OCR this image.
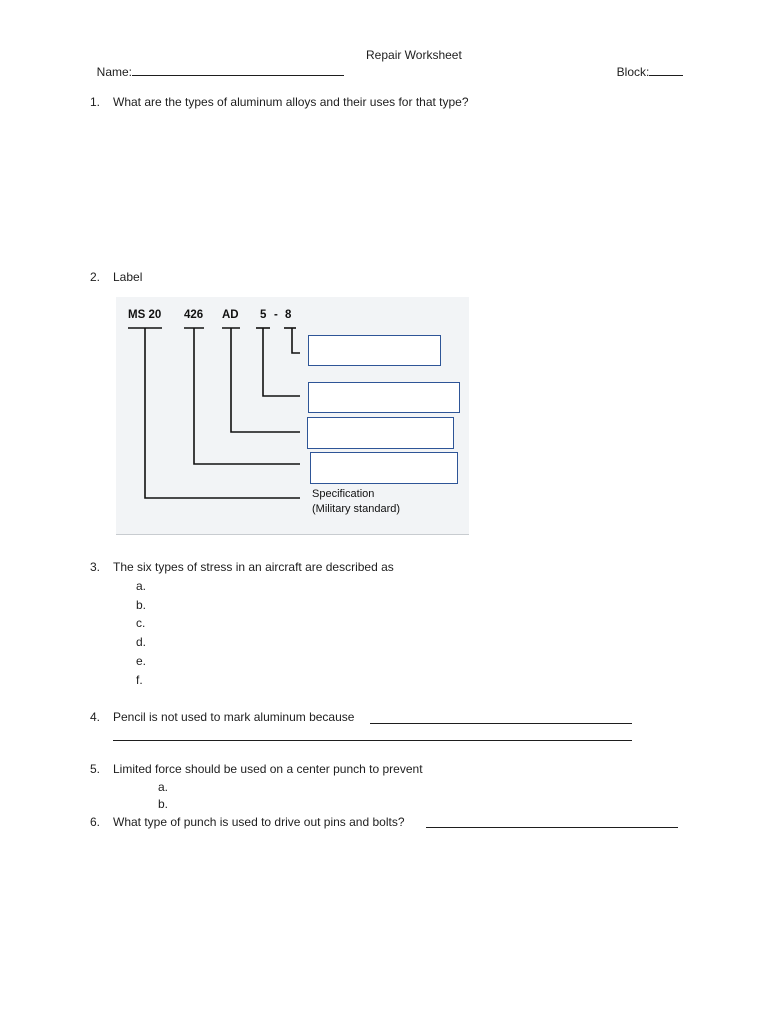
Name:

Repair Worksheet

Block:

1. What are the types of aluminum alloys and their uses for that type?
2. Label
MS 20 426 AD 5 - 8
Specification
(Military standard)
3. The six types of stress in an aircraft are described as
a.
b.
c.
d.
e.
f.
4. Pencil is not used to mark aluminum because
5. Limited force should be used on a center punch to prevent
a.
b.
6. What type of punch is used to drive out pins and bolts?
